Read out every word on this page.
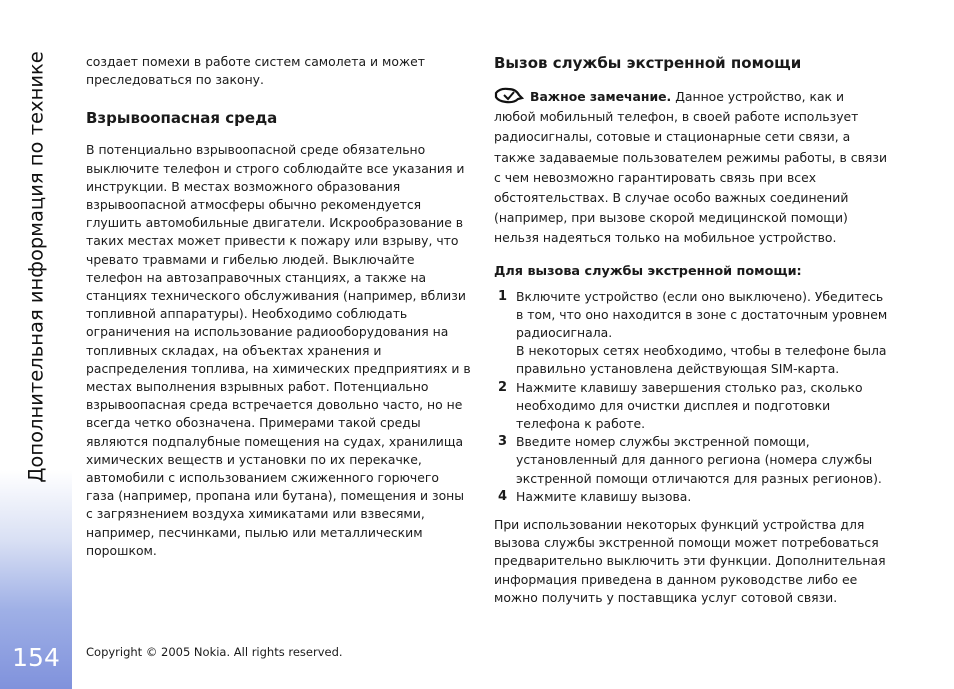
Дополнительная информация по технике
154

создает помехи в работе систем самолета и может преследоваться по закону.

Взрывоопасная среда

В потенциально взрывоопасной среде обязательно выключите телефон и строго соблюдайте все указания и инструкции. В местах возможного образования взрывоопасной атмосферы обычно рекомендуется глушить автомобильные двигатели. Искрообразование в таких местах может привести к пожару или взрыву, что чревато травмами и гибелью людей. Выключайте телефон на автозаправочных станциях, а также на станциях технического обслуживания (например, вблизи топливной аппаратуры). Необходимо соблюдать ограничения на использование радиооборудования на топливных складах, на объектах хранения и распределения топлива, на химических предприятиях и в местах выполнения взрывных работ. Потенциально взрывоопасная среда встречается довольно часто, но не всегда четко обозначена. Примерами такой среды являются подпалубные помещения на судах, хранилища химических веществ и установки по их перекачке, автомобили с использованием сжиженного горючего газа (например, пропана или бутана), помещения и зоны с загрязнением воздуха химикатами или взвесями, например, песчинками, пылью или металлическим порошком.

Вызов службы экстренной помощи

Важное замечание. Данное устройство, как и любой мобильный телефон, в своей работе использует радиосигналы, сотовые и стационарные сети связи, а также задаваемые пользователем режимы работы, в связи с чем невозможно гарантировать связь при всех обстоятельствах. В случае особо важных соединений (например, при вызове скорой медицинской помощи) нельзя надеяться только на мобильное устройство.

Для вызова службы экстренной помощи:
1 Включите устройство (если оно выключено). Убедитесь в том, что оно находится в зоне с достаточным уровнем радиосигнала.
В некоторых сетях необходимо, чтобы в телефоне была правильно установлена действующая SIM-карта.
2 Нажмите клавишу завершения столько раз, сколько необходимо для очистки дисплея и подготовки телефона к работе.
3 Введите номер службы экстренной помощи, установленный для данного региона (номера службы экстренной помощи отличаются для разных регионов).
4 Нажмите клавишу вызова.

При использовании некоторых функций устройства для вызова службы экстренной помощи может потребоваться предварительно выключить эти функции. Дополнительная информация приведена в данном руководстве либо ее можно получить у поставщика услуг сотовой связи.

Copyright © 2005 Nokia. All rights reserved.
